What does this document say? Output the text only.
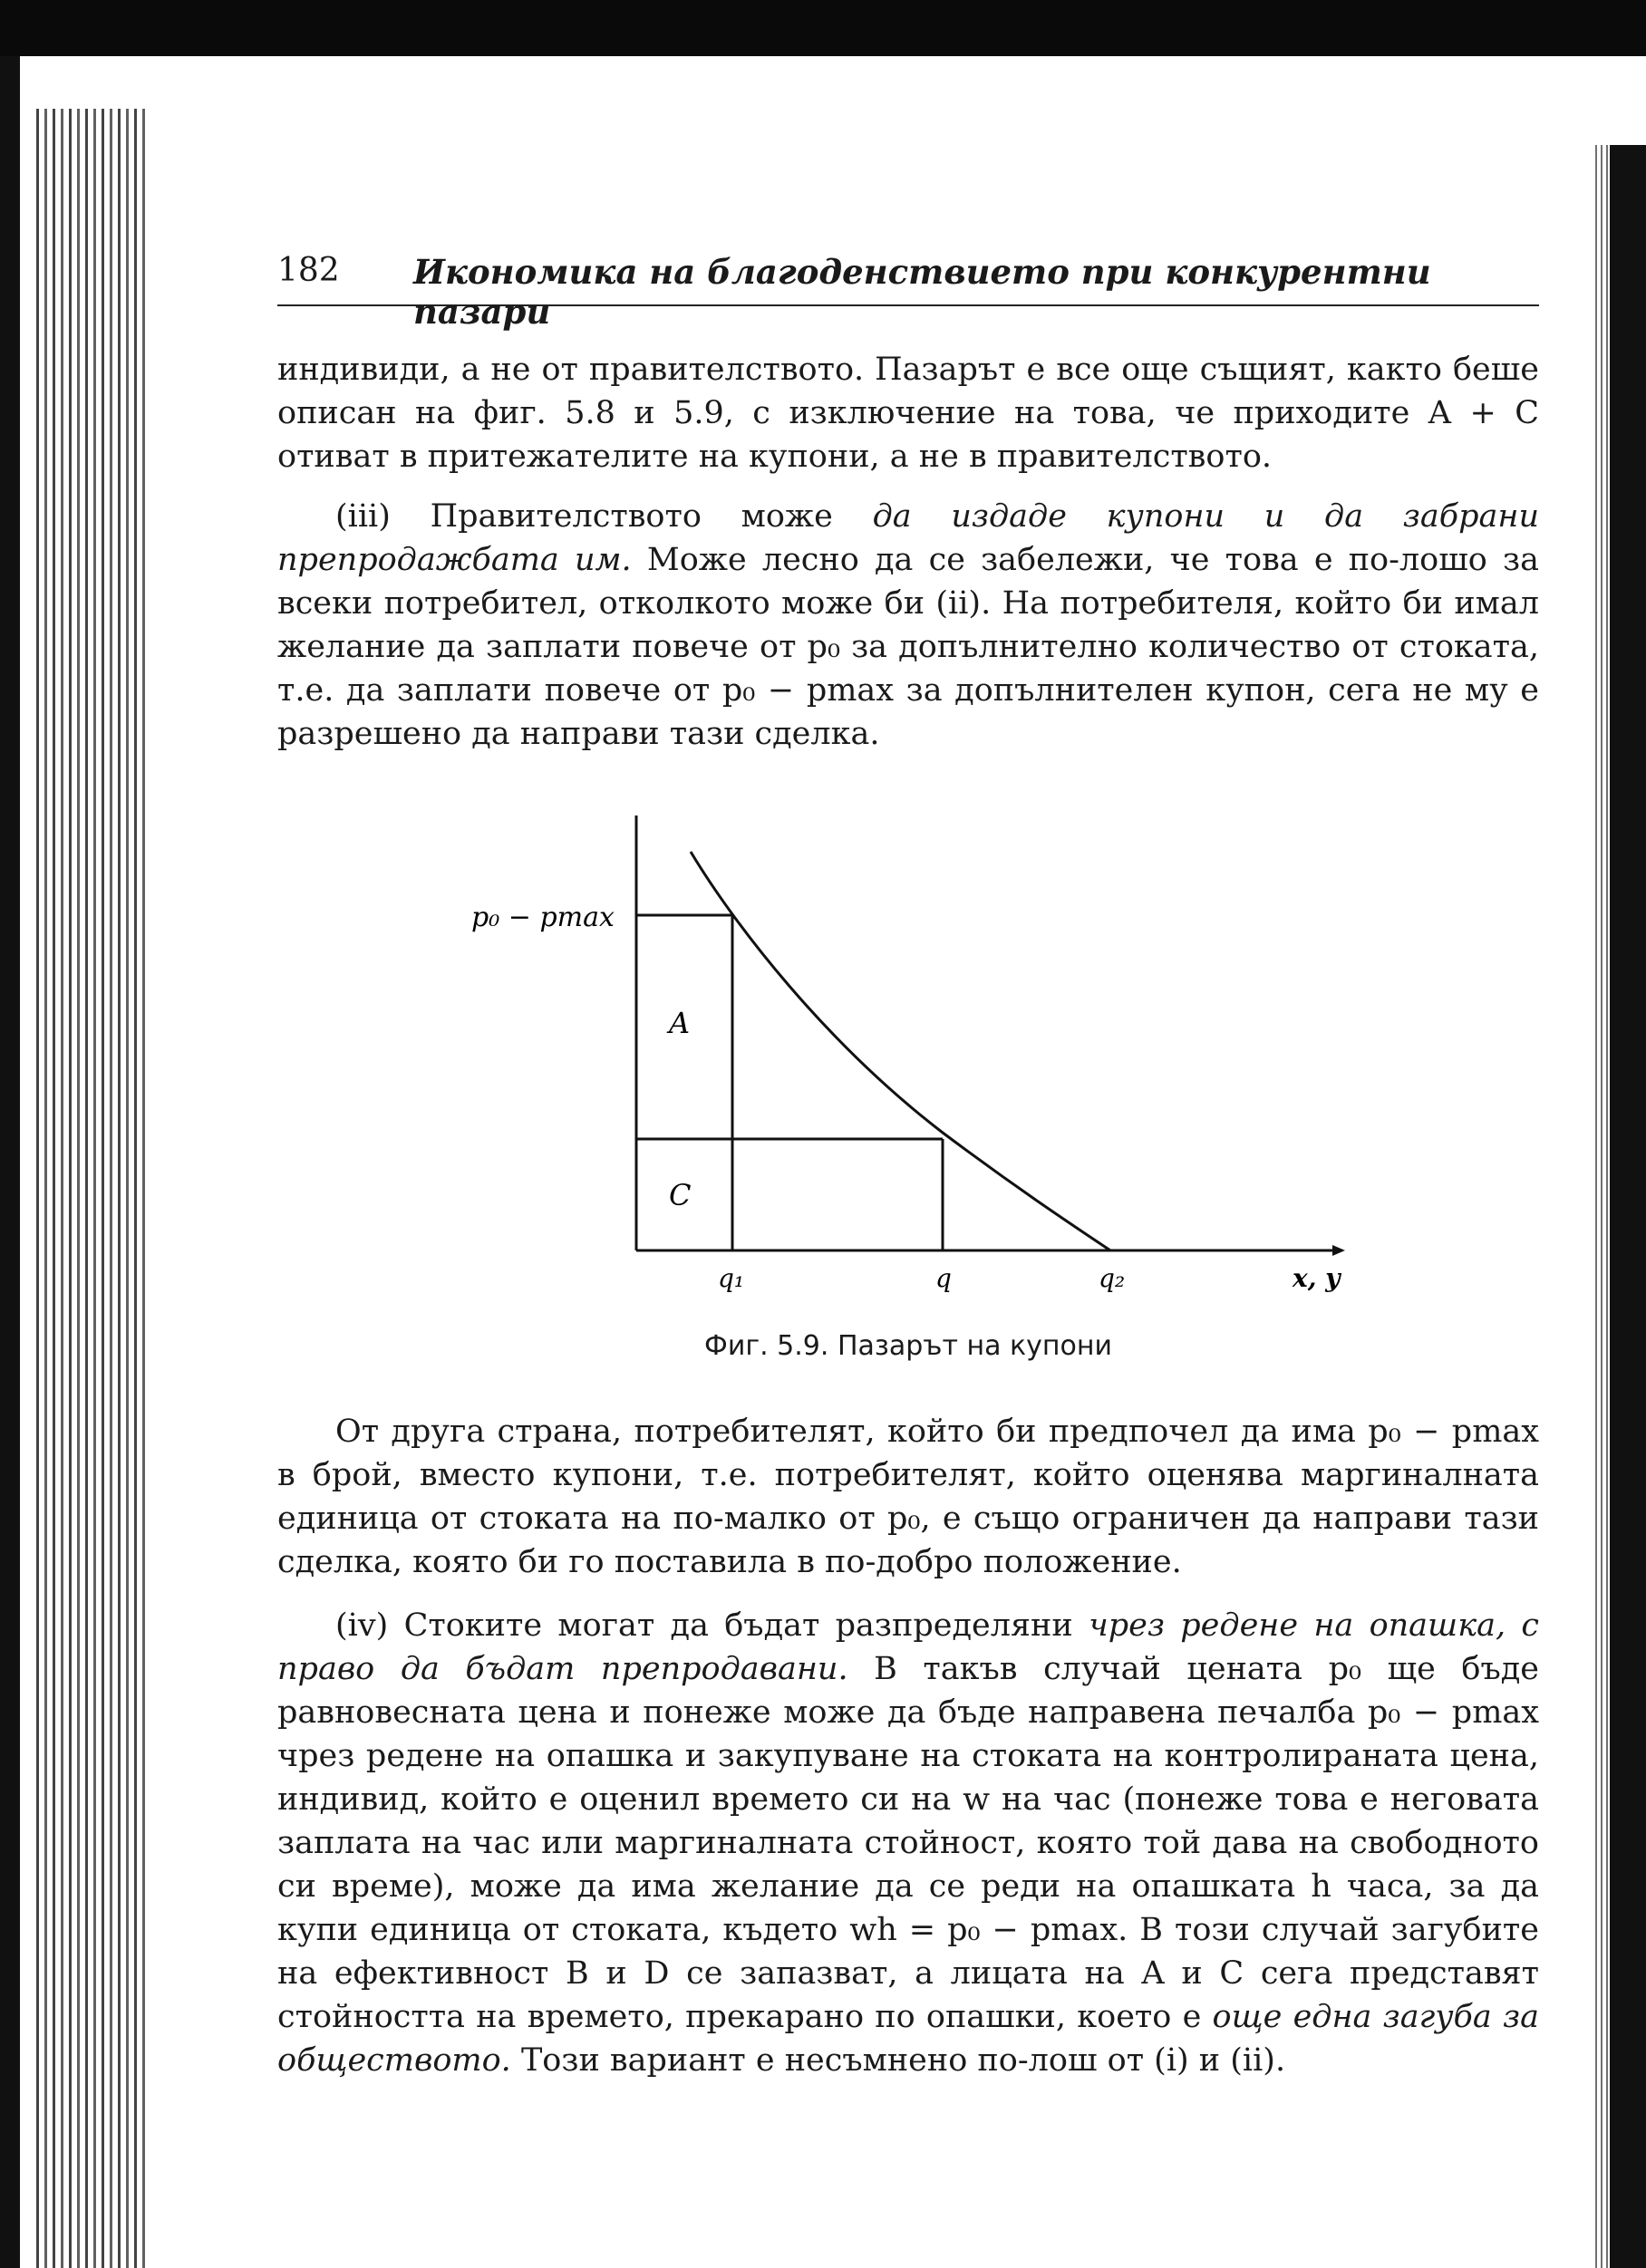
182 Икономика на благоденствието при конкурентни пазари

индивиди, а не от правителството. Пазарът е все още същият, както беше описан на фиг. 5.8 и 5.9, с изключение на това, че приходите A + C отиват в притежателите на купони, а не в правителството.

(iii) Правителството може да издаде купони и да забрани препродажбата им. Може лесно да се забележи, че това е по-лошо за всеки потребител, отколкото може би (ii). На потребителя, който би имал желание да заплати повече от p₀ за допълнително количество от стоката, т.е. да заплати повече от p₀ − pmax за допълнителен купон, сега не му е разрешено да направи тази сделка.

p₀ − pmax
A
C
q₁	q	q₂	x, y
Фиг. 5.9. Пазарът на купони

От друга страна, потребителят, който би предпочел да има p₀ − pmax в брой, вместо купони, т.е. потребителят, който оценява маргиналната единица от стоката на по-малко от p₀, е също ограничен да направи тази сделка, която би го поставила в по-добро положение.

(iv) Стоките могат да бъдат разпределяни чрез редене на опашка, с право да бъдат препродавани. В такъв случай цената p₀ ще бъде равновесната цена и понеже може да бъде направена печалба p₀ − pmax чрез редене на опашка и закупуване на стоката на контролираната цена, индивид, който е оценил времето си на w на час (понеже това е неговата заплата на час или маргиналната стойност, която той дава на свободното си време), може да има желание да се реди на опашката h часа, за да купи единица от стоката, където wh = p₀ − pmax. В този случай загубите на ефективност B и D се запазват, а лицата на A и C сега представят стойността на времето, прекарано по опашки, което е още една загуба за обществото. Този вариант е несъмнено по-лош от (i) и (ii).
